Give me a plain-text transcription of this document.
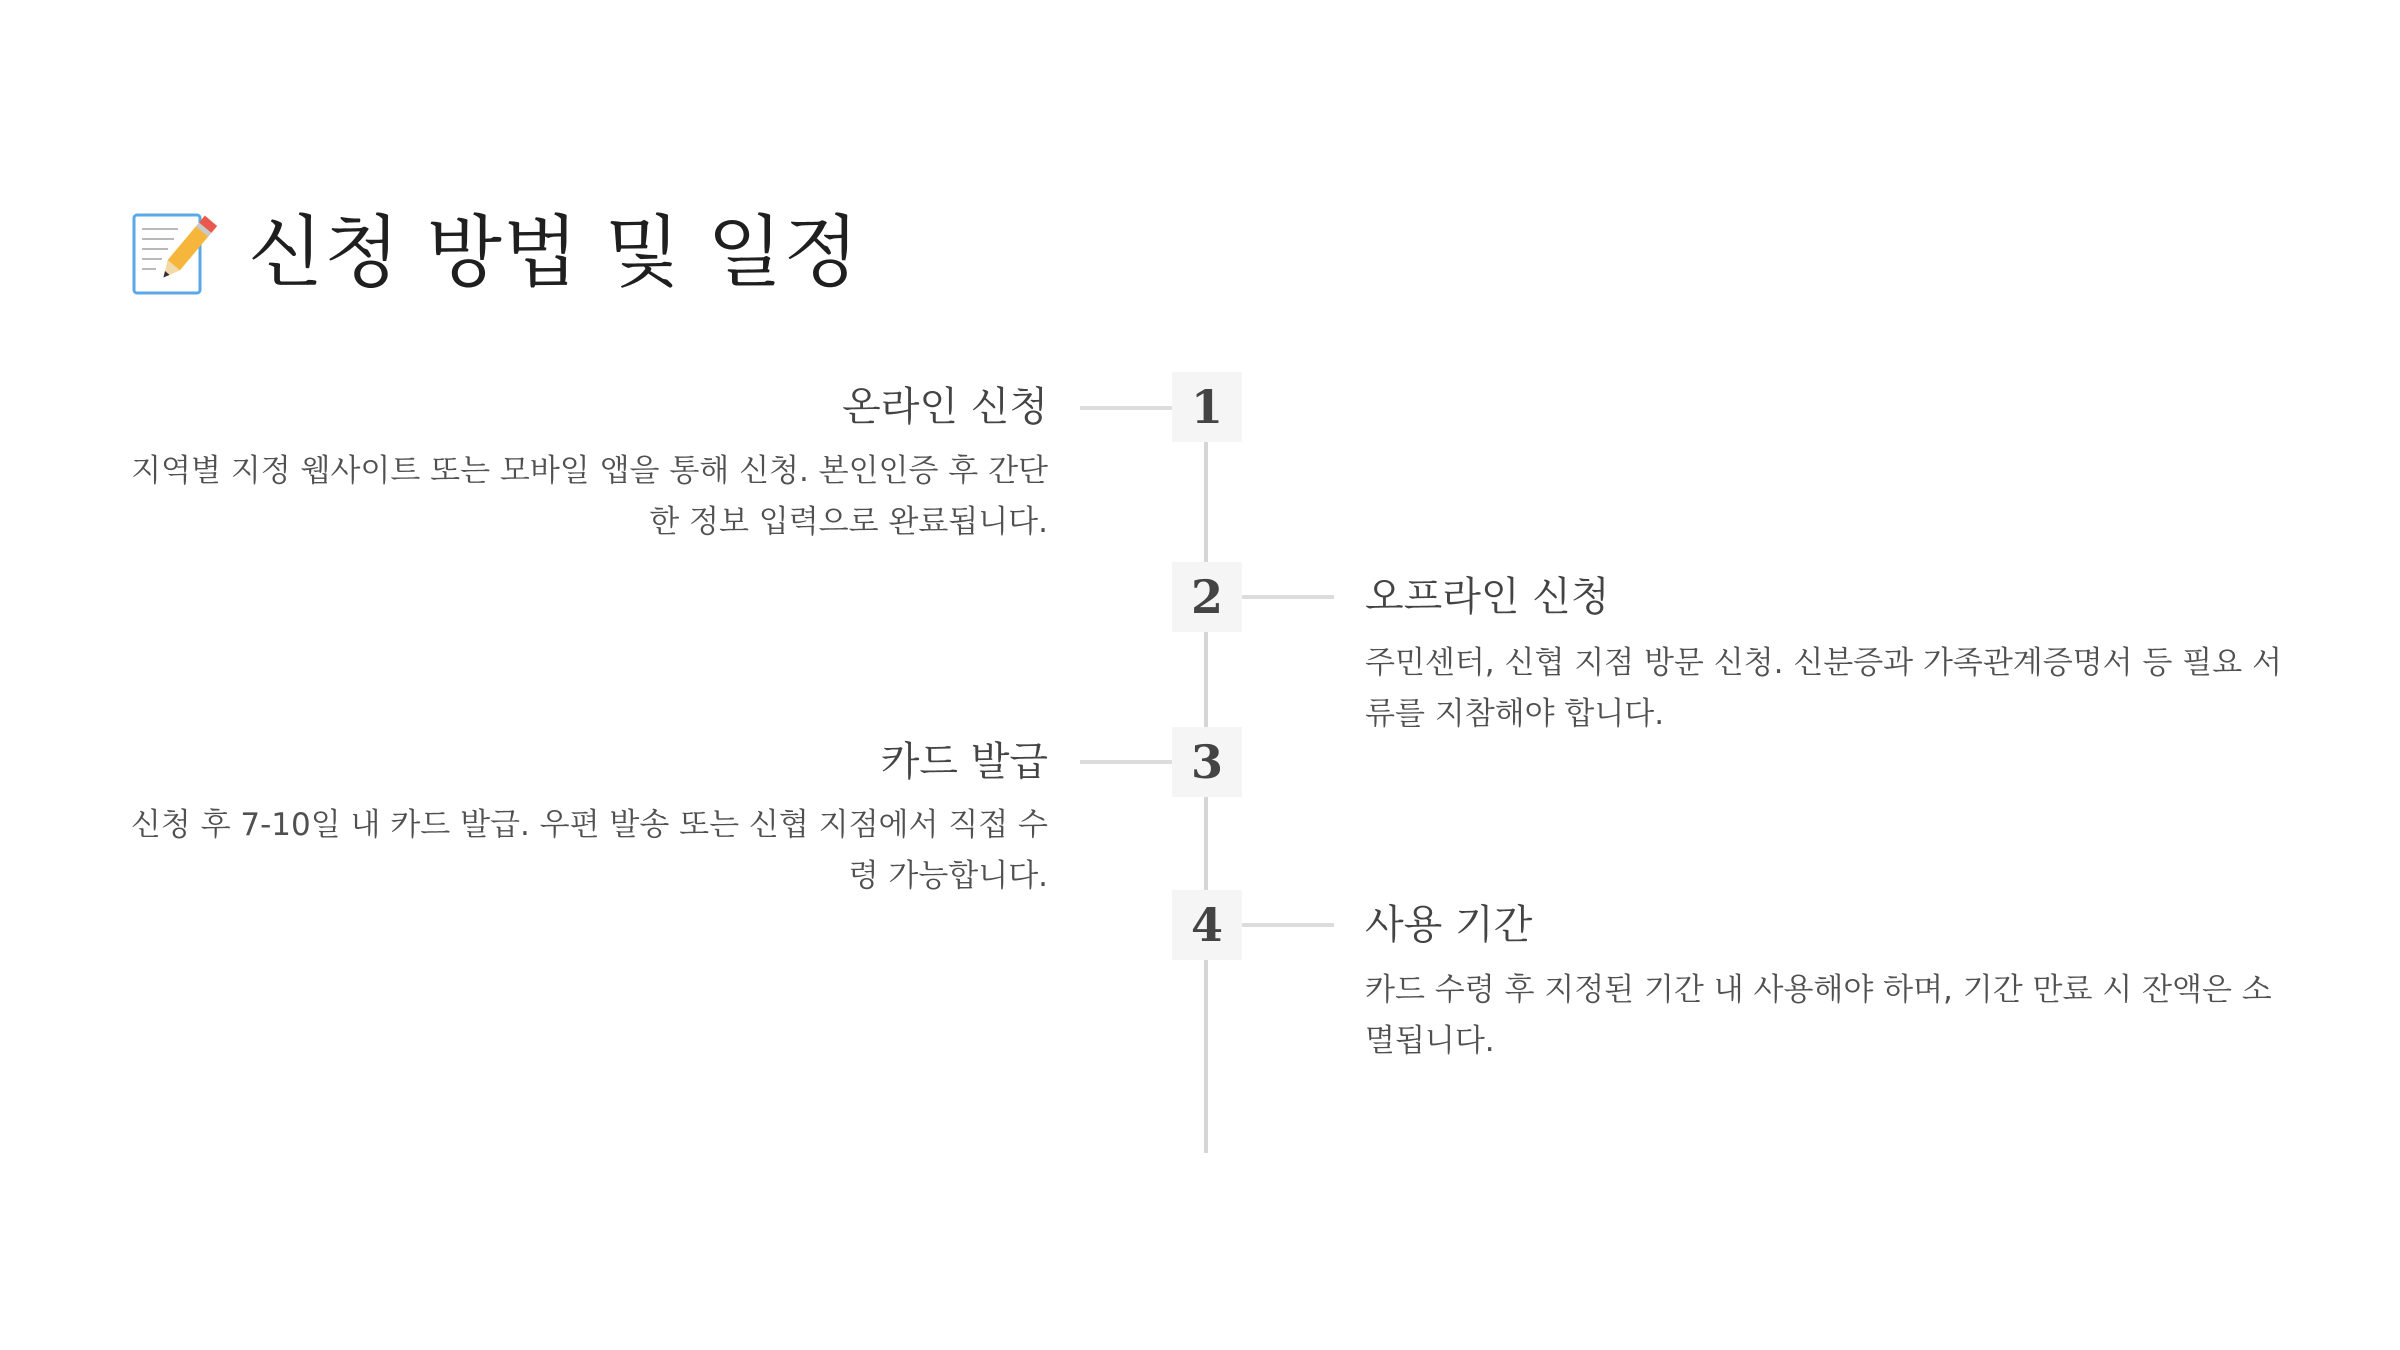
신청 방법 및 일정
1
온라인 신청
지역별 지정 웹사이트 또는 모바일 앱을 통해 신청. 본인인증 후 간단한 정보 입력으로 완료됩니다.
2	오프라인 신청
주민센터, 신협 지점 방문 신청. 신분증과 가족관계증명서 등 필요 서류를 지참해야 합니다.
3
카드 발급
신청 후 7-10일 내 카드 발급. 우편 발송 또는 신협 지점에서 직접 수령 가능합니다.
4	사용 기간
카드 수령 후 지정된 기간 내 사용해야 하며, 기간 만료 시 잔액은 소멸됩니다.
